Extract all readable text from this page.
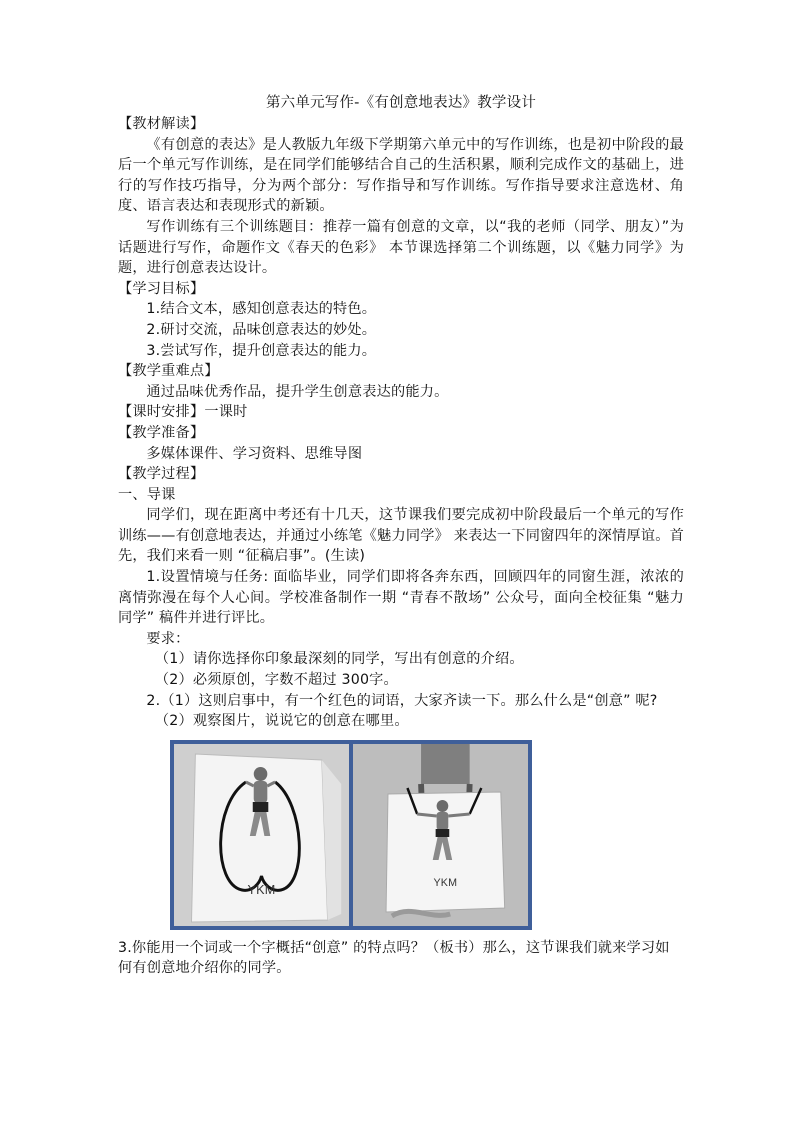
第六单元写作-《有创意地表达》教学设计

【教材解读】

《有创意的表达》是人教版九年级下学期第六单元中的写作训练，也是初中阶段的最后一个单元写作训练，是在同学们能够结合自己的生活积累，顺利完成作文的基础上，进行的写作技巧指导，分为两个部分：写作指导和写作训练。写作指导要求注意选材、角度、语言表达和表现形式的新颖。

写作训练有三个训练题目：推荐一篇有创意的文章，以“我的老师（同学、朋友）”为话题进行写作，命题作文《春天的色彩》 本节课选择第二个训练题，以《魅力同学》为题，进行创意表达设计。

【学习目标】

1.结合文本，感知创意表达的特色。

2.研讨交流，品味创意表达的妙处。

3.尝试写作，提升创意表达的能力。

【教学重难点】

通过品味优秀作品，提升学生创意表达的能力。

【课时安排】一课时

【教学准备】

多媒体课件、学习资料、思维导图

【教学过程】

一、导课

同学们，现在距离中考还有十几天，这节课我们要完成初中阶段最后一个单元的写作训练——有创意地表达，并通过小练笔《魅力同学》 来表达一下同窗四年的深情厚谊。首先，我们来看一则 “征稿启事”。(生读)

1.设置情境与任务: 面临毕业，同学们即将各奔东西，回顾四年的同窗生涯，浓浓的离情弥漫在每个人心间。学校准备制作一期 “青春不散场” 公众号，面向全校征集 “魅力同学” 稿件并进行评比。

要求：

（1）请你选择你印象最深刻的同学，写出有创意的介绍。

（2）必须原创，字数不超过 300字。

2.（1）这则启事中，有一个红色的词语，大家齐读一下。那么什么是“创意” 呢?

（2）观察图片，说说它的创意在哪里。

YKM	YKM

3.你能用一个词或一个字概括“创意” 的特点吗？（板书）那么，这节课我们就来学习如何有创意地介绍你的同学。
